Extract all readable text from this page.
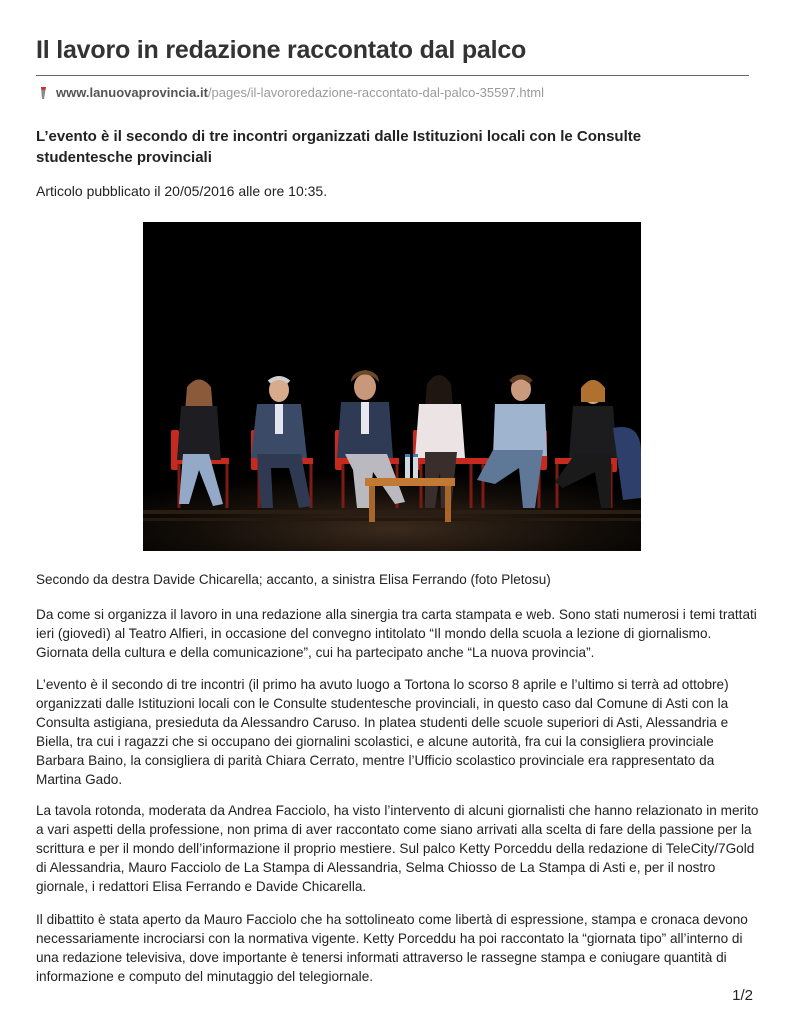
Il lavoro in redazione raccontato dal palco
www.lanuovaprovincia.it /pages/il-lavororedazione-raccontato-dal-palco-35597.html
L’evento è il secondo di tre incontri organizzati dalle Istituzioni locali con le Consulte studentesche provinciali
Articolo pubblicato il 20/05/2016 alle ore 10:35.
Secondo da destra Davide Chicarella; accanto, a sinistra Elisa Ferrando (foto Pletosu)

Da come si organizza il lavoro in una redazione alla sinergia tra carta stampata e web. Sono stati numerosi i temi trattati ieri (giovedì) al Teatro Alfieri, in occasione del convegno intitolato “Il mondo della scuola a lezione di giornalismo. Giornata della cultura e della comunicazione”, cui ha partecipato anche “La nuova provincia”.

L’evento è il secondo di tre incontri (il primo ha avuto luogo a Tortona lo scorso 8 aprile e l’ultimo si terrà ad ottobre) organizzati dalle Istituzioni locali con le Consulte studentesche provinciali, in questo caso dal Comune di Asti con la Consulta astigiana, presieduta da Alessandro Caruso. In platea studenti delle scuole superiori di Asti, Alessandria e Biella, tra cui i ragazzi che si occupano dei giornalini scolastici, e alcune autorità, fra cui la consigliera provinciale Barbara Baino, la consigliera di parità Chiara Cerrato, mentre l’Ufficio scolastico provinciale era rappresentato da Martina Gado.

La tavola rotonda, moderata da Andrea Facciolo, ha visto l’intervento di alcuni giornalisti che hanno relazionato in merito a vari aspetti della professione, non prima di aver raccontato come siano arrivati alla scelta di fare della passione per la scrittura e per il mondo dell’informazione il proprio mestiere. Sul palco Ketty Porceddu della redazione di TeleCity/7Gold di Alessandria, Mauro Facciolo de La Stampa di Alessandria, Selma Chiosso de La Stampa di Asti e, per il nostro giornale, i redattori Elisa Ferrando e Davide Chicarella.

Il dibattito è stata aperto da Mauro Facciolo che ha sottolineato come libertà di espressione, stampa e cronaca devono necessariamente incrociarsi con la normativa vigente. Ketty Porceddu ha poi raccontato la “giornata tipo” all’interno di una redazione televisiva, dove importante è tenersi informati attraverso le rassegne stampa e coniugare quantità di informazione e computo del minutaggio del telegiornale.

1/2
